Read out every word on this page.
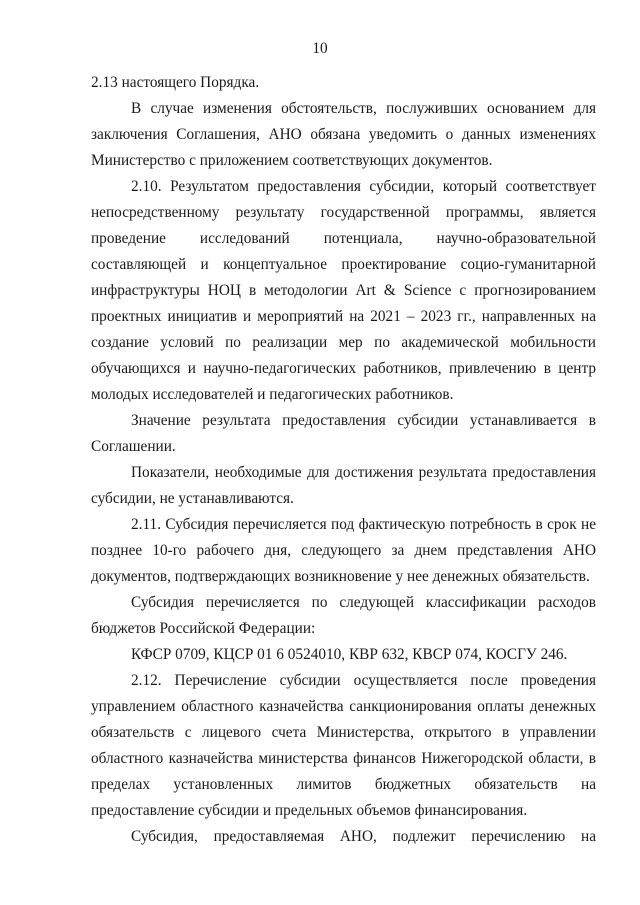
10

2.13 настоящего Порядка.

В случае изменения обстоятельств, послуживших основанием для заключения Соглашения, АНО обязана уведомить о данных изменениях Министерство с приложением соответствующих документов.

2.10. Результатом предоставления субсидии, который соответствует непосредственному результату государственной программы, является проведение исследований потенциала, научно-образовательной составляющей и концептуальное проектирование социо-гуманитарной инфраструктуры НОЦ в методологии Art & Science с прогнозированием проектных инициатив и мероприятий на 2021 – 2023 гг., направленных на создание условий по реализации мер по академической мобильности обучающихся и научно-педагогических работников, привлечению в центр молодых исследователей и педагогических работников.

Значение результата предоставления субсидии устанавливается в Соглашении.

Показатели, необходимые для достижения результата предоставления субсидии, не устанавливаются.

2.11. Субсидия перечисляется под фактическую потребность в срок не позднее 10-го рабочего дня, следующего за днем представления АНО документов, подтверждающих возникновение у нее денежных обязательств.

Субсидия перечисляется по следующей классификации расходов бюджетов Российской Федерации:

КФСР 0709, КЦСР 01 6 0524010, КВР 632, КВСР 074, КОСГУ 246.

2.12. Перечисление субсидии осуществляется после проведения управлением областного казначейства санкционирования оплаты денежных обязательств с лицевого счета Министерства, открытого в управлении областного казначейства министерства финансов Нижегородской области, в пределах установленных лимитов бюджетных обязательств на предоставление субсидии и предельных объемов финансирования.

Субсидия, предоставляемая АНО, подлежит перечислению на
